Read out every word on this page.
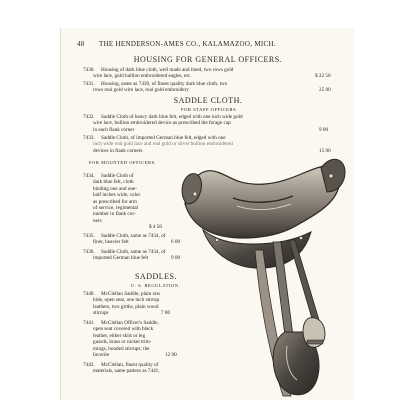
48 THE HENDERSON-AMES CO., KALAMAZOO, MICH.
HOUSING FOR GENERAL OFFICERS.
7430. Housing of dark blue cloth, well made and lined, two rows gold
wire lace, gold bullion embroidered eagles, etc.	$ 22 50
7431. Housing, same as 7430, of finest quality dark blue cloth, two
rows real gold wire lace, real gold embroidery	25 00
SADDLE CLOTH.
FOR STAFF OFFICERS.
7432. Saddle Cloth of heavy dark blue felt, edged with one inch wide gold
wire lace, bullion embroidered device as prescribed the forage cap
in each flank corner	9 00
7433. Saddle Cloth, of imported German blue felt, edged with one
inch wide real gold lace and real gold or silver bullion embroidered
devices in flank corners	15 00
FOR MOUNTED OFFICERS.
7434. Saddle Cloth of
dark blue felt, cloth
binding one and one-
half inches wide, color
as prescribed for arm
of service, regimental
number in flank cor-
ners
$ 4 50
7435. Saddle Cloth, same as 7434, of
finer, heavier felt	6 00
7436. Saddle Cloth, same as 7434, of
imported German blue felt	9 00
SADDLES.
U. S. REGULATION.
7440. McClellan Saddle, plain raw
hide, open seat, one inch stirrup
leathers, two girths, plain wood
stirrups	7 00
7441. McClellan Officer's Saddle,
open seat covered with black
leather, either skirt or leg
guards, brass or nickel trim-
mings, hooded stirrups; the
favorite	12 00
7442. McClellan, finest quality of
materials, same pattern as 7441,
